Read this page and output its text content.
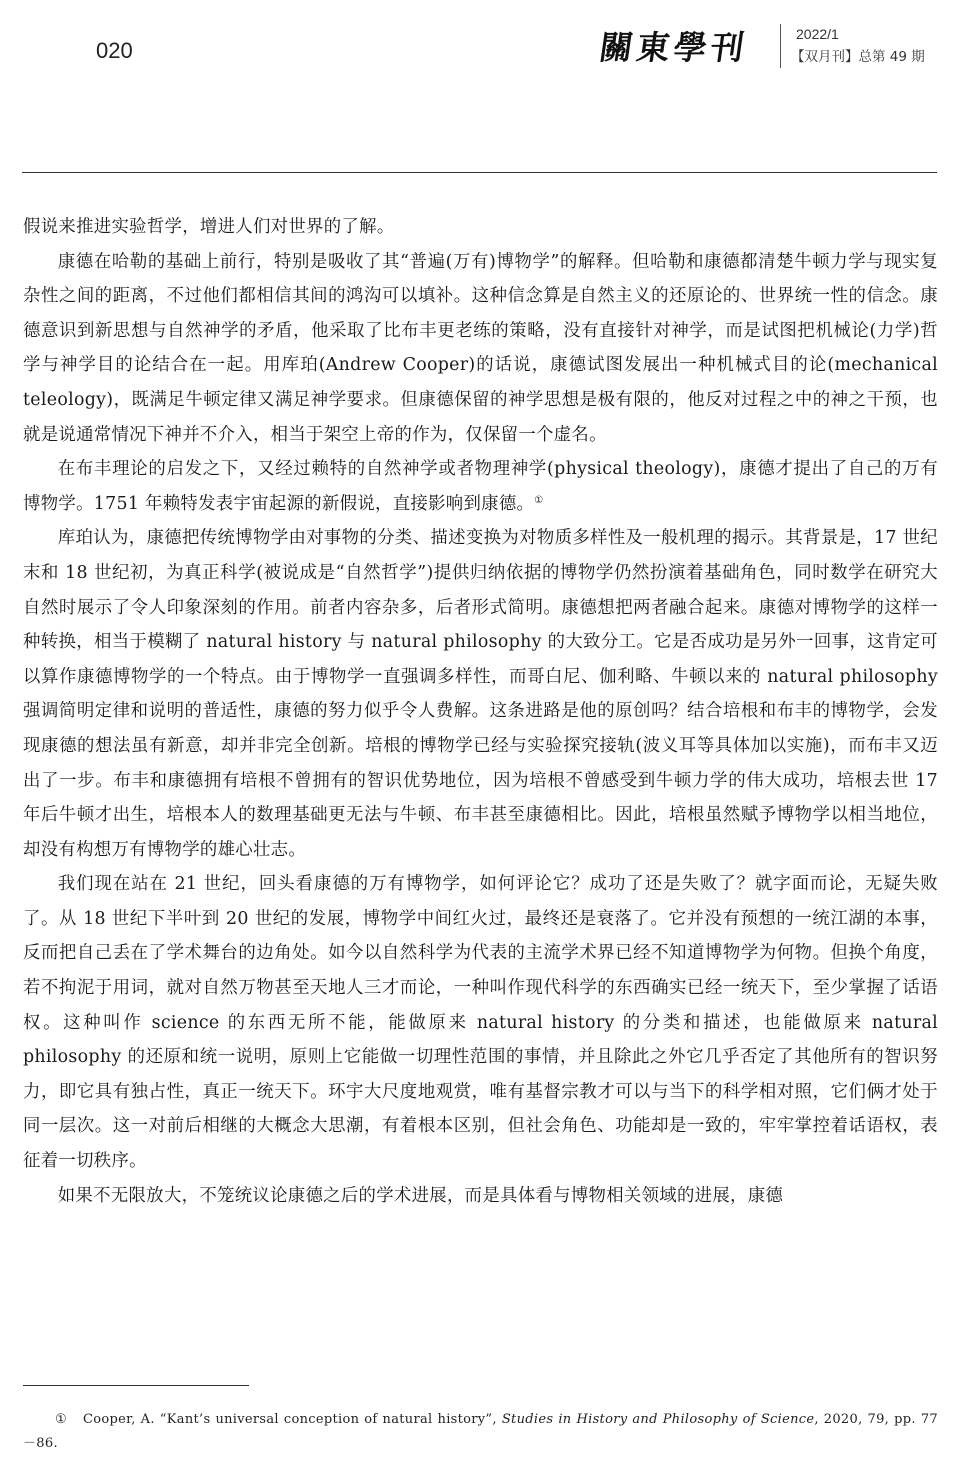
020	關東學刊	2022/1
【双月刊】总第 49 期

假说来推进实验哲学，增进人们对世界的了解。

康德在哈勒的基础上前行，特别是吸收了其“普遍(万有)博物学”的解释。但哈勒和康德都清楚牛顿力学与现实复杂性之间的距离，不过他们都相信其间的鸿沟可以填补。这种信念算是自然主义的还原论的、世界统一性的信念。康德意识到新思想与自然神学的矛盾，他采取了比布丰更老练的策略，没有直接针对神学，而是试图把机械论(力学)哲学与神学目的论结合在一起。用库珀(Andrew Cooper)的话说，康德试图发展出一种机械式目的论(mechanical teleology)，既满足牛顿定律又满足神学要求。但康德保留的神学思想是极有限的，他反对过程之中的神之干预，也就是说通常情况下神并不介入，相当于架空上帝的作为，仅保留一个虚名。

在布丰理论的启发之下，又经过赖特的自然神学或者物理神学(physical theology)，康德才提出了自己的万有博物学。1751 年赖特发表宇宙起源的新假说，直接影响到康德。①

库珀认为，康德把传统博物学由对事物的分类、描述变换为对物质多样性及一般机理的揭示。其背景是，17 世纪末和 18 世纪初，为真正科学(被说成是“自然哲学”)提供归纳依据的博物学仍然扮演着基础角色，同时数学在研究大自然时展示了令人印象深刻的作用。前者内容杂多，后者形式简明。康德想把两者融合起来。康德对博物学的这样一种转换，相当于模糊了 natural history 与 natural philosophy 的大致分工。它是否成功是另外一回事，这肯定可以算作康德博物学的一个特点。由于博物学一直强调多样性，而哥白尼、伽利略、牛顿以来的 natural philosophy 强调简明定律和说明的普适性，康德的努力似乎令人费解。这条进路是他的原创吗？结合培根和布丰的博物学，会发现康德的想法虽有新意，却并非完全创新。培根的博物学已经与实验探究接轨(波义耳等具体加以实施)，而布丰又迈出了一步。布丰和康德拥有培根不曾拥有的智识优势地位，因为培根不曾感受到牛顿力学的伟大成功，培根去世 17 年后牛顿才出生，培根本人的数理基础更无法与牛顿、布丰甚至康德相比。因此，培根虽然赋予博物学以相当地位，却没有构想万有博物学的雄心壮志。

我们现在站在 21 世纪，回头看康德的万有博物学，如何评论它？成功了还是失败了？就字面而论，无疑失败了。从 18 世纪下半叶到 20 世纪的发展，博物学中间红火过，最终还是衰落了。它并没有预想的一统江湖的本事，反而把自己丢在了学术舞台的边角处。如今以自然科学为代表的主流学术界已经不知道博物学为何物。但换个角度，若不拘泥于用词，就对自然万物甚至天地人三才而论，一种叫作现代科学的东西确实已经一统天下，至少掌握了话语权。这种叫作 science 的东西无所不能，能做原来 natural history 的分类和描述，也能做原来 natural philosophy 的还原和统一说明，原则上它能做一切理性范围的事情，并且除此之外它几乎否定了其他所有的智识努力，即它具有独占性，真正一统天下。环宇大尺度地观赏，唯有基督宗教才可以与当下的科学相对照，它们俩才处于同一层次。这一对前后相继的大概念大思潮，有着根本区别，但社会角色、功能却是一致的，牢牢掌控着话语权，表征着一切秩序。

如果不无限放大，不笼统议论康德之后的学术进展，而是具体看与博物相关领域的进展，康德

① Cooper, A. “Kant’s universal conception of natural history”, Studies in History and Philosophy of Science, 2020, 79, pp. 77－86.
